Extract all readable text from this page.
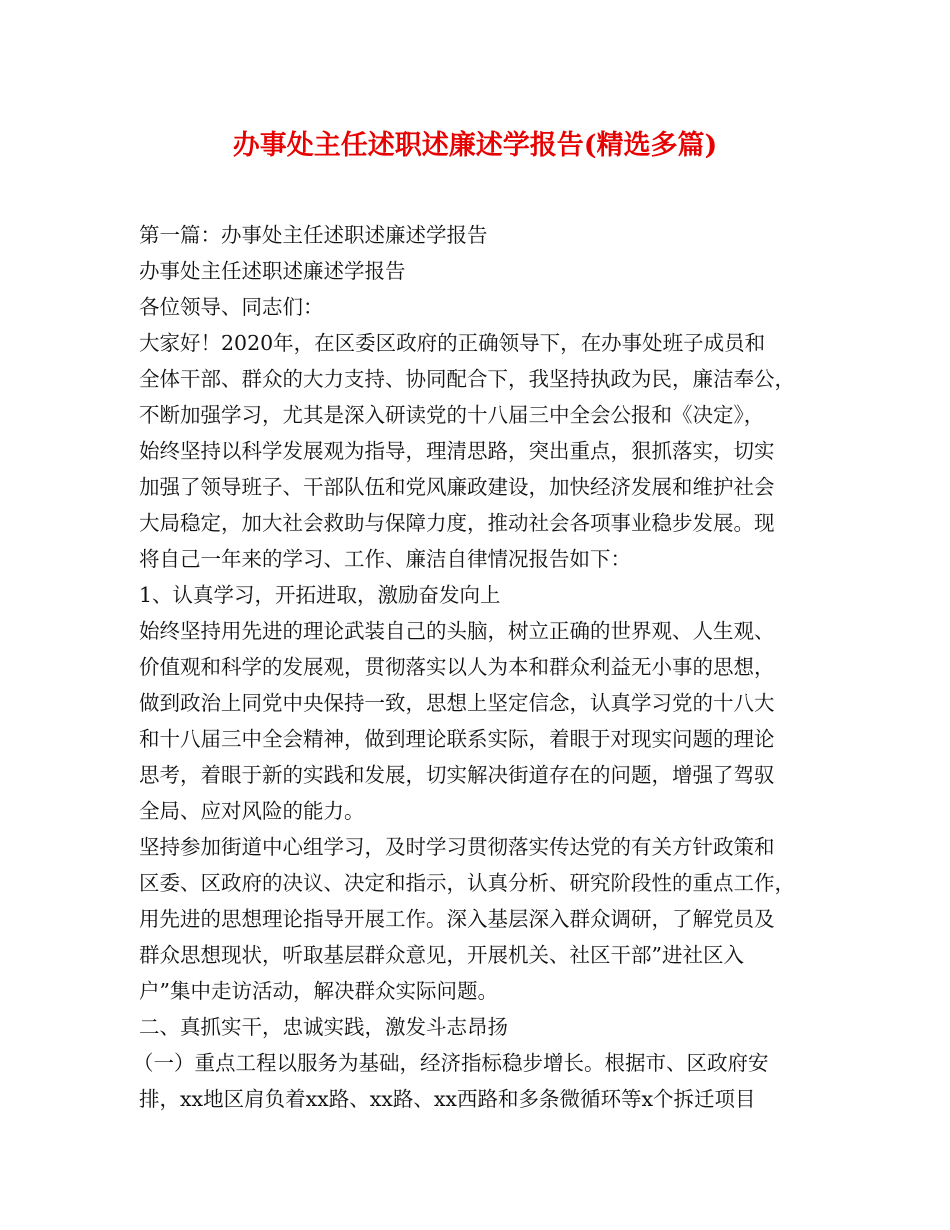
办事处主任述职述廉述学报告(精选多篇)
第一篇：办事处主任述职述廉述学报告
办事处主任述职述廉述学报告
各位领导、同志们：
大家好！2020年，在区委区政府的正确领导下，在办事处班子成员和
全体干部、群众的大力支持、协同配合下，我坚持执政为民，廉洁奉公，
不断加强学习，尤其是深入研读党的十八届三中全会公报和《决定》，
始终坚持以科学发展观为指导，理清思路，突出重点，狠抓落实，切实
加强了领导班子、干部队伍和党风廉政建设，加快经济发展和维护社会
大局稳定，加大社会救助与保障力度，推动社会各项事业稳步发展。现
将自己一年来的学习、工作、廉洁自律情况报告如下：
1、认真学习，开拓进取，激励奋发向上
始终坚持用先进的理论武装自己的头脑，树立正确的世界观、人生观、
价值观和科学的发展观，贯彻落实以人为本和群众利益无小事的思想，
做到政治上同党中央保持一致，思想上坚定信念，认真学习党的十八大
和十八届三中全会精神，做到理论联系实际，着眼于对现实问题的理论
思考，着眼于新的实践和发展，切实解决街道存在的问题，增强了驾驭
全局、应对风险的能力。
坚持参加街道中心组学习，及时学习贯彻落实传达党的有关方针政策和
区委、区政府的决议、决定和指示，认真分析、研究阶段性的重点工作，
用先进的思想理论指导开展工作。深入基层深入群众调研，了解党员及
群众思想现状，听取基层群众意见，开展机关、社区干部”进社区入
户”集中走访活动，解决群众实际问题。
二、真抓实干，忠诚实践，激发斗志昂扬
（一）重点工程以服务为基础，经济指标稳步增长。根据市、区政府安
排，xx地区肩负着xx路、xx路、xx西路和多条微循环等x个拆迁项目
